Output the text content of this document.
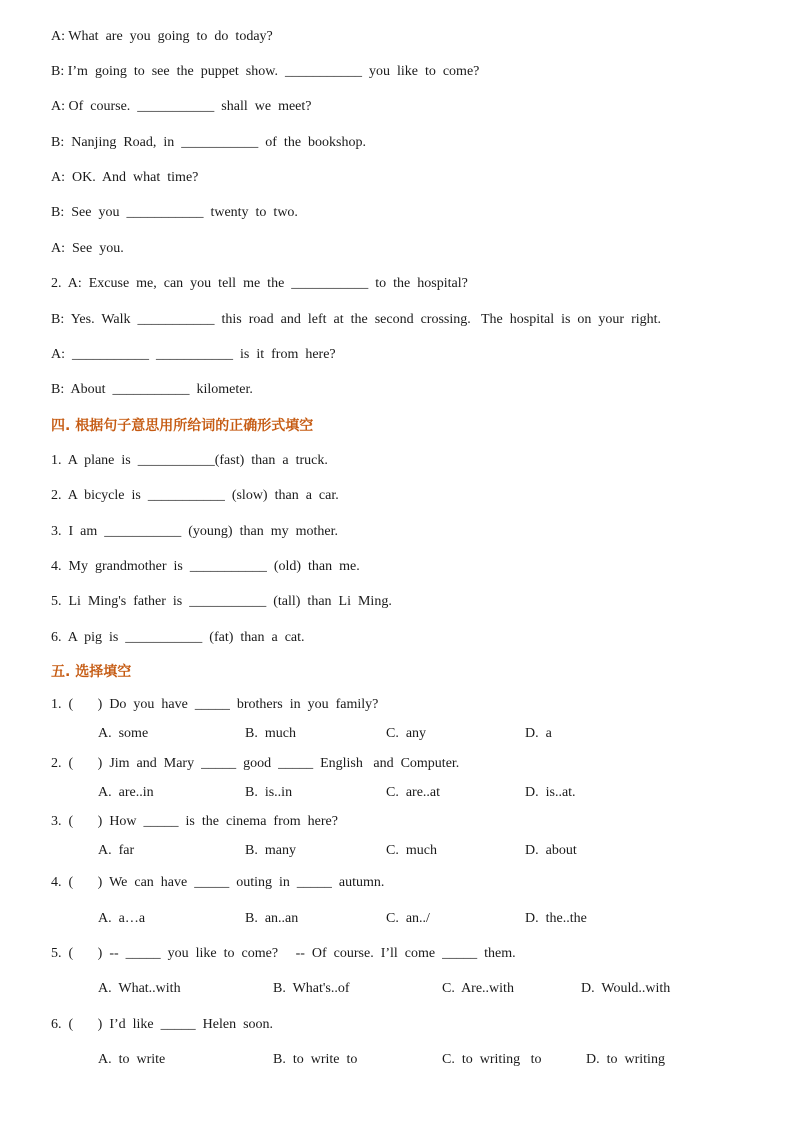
A: What  are  you  going  to  do  today?
B: I’m  going  to  see  the  puppet  show.  ___________  you  like  to  come?
A: Of  course.  ___________  shall  we  meet?
B:  Nanjing  Road,  in  ___________  of  the  bookshop.
A:  OK.  And  what  time?
B:  See  you  ___________  twenty  to  two.
A:  See  you.
2.  A:  Excuse  me,  can  you  tell  me  the  ___________  to  the  hospital?
B:  Yes.  Walk  ___________  this  road  and  left  at  the  second  crossing.   The  hospital  is  on  your  right.
A:  ___________  ___________  is  it  from  here?
B:  About  ___________  kilometer.
四. 根据句子意思用所给词的正确形式填空
1.  A  plane  is  ___________(fast)  than  a  truck.
2.  A  bicycle  is  ___________  (slow)  than  a  car.
3.  I  am  ___________  (young)  than  my  mother.
4.  My  grandmother  is  ___________  (old)  than  me.
5.  Li  Ming's  father  is  ___________  (tall)  than  Li  Ming.
6.  A  pig  is  ___________  (fat)  than  a  cat.
五. 选择填空
1.  (       )  Do  you  have  _____  brothers  in  you  family?
A.  some	B.  much	C.  any	D.  a
2.  (       )  Jim  and  Mary  _____  good  _____  English   and  Computer.
A.  are..in	B.  is..in	C.  are..at	D.  is..at.
3.  (       )  How  _____  is  the  cinema  from  here?
A.  far	B.  many	C.  much	D.  about
4.  (       )  We  can  have  _____  outing  in  _____  autumn.
A.  a…a	B.  an..an	C.  an../	D.  the..the
5.  (       )  --  _____  you  like  to  come?     --  Of  course.  I’ll  come  _____  them.
A.  What..with	B.  What's..of	C.  Are..with	D.  Would..with
6.  (       )  I’d  like  _____  Helen  soon.
A.  to  write	B.  to  write  to	C.  to  writing   to	D.  to  writing
